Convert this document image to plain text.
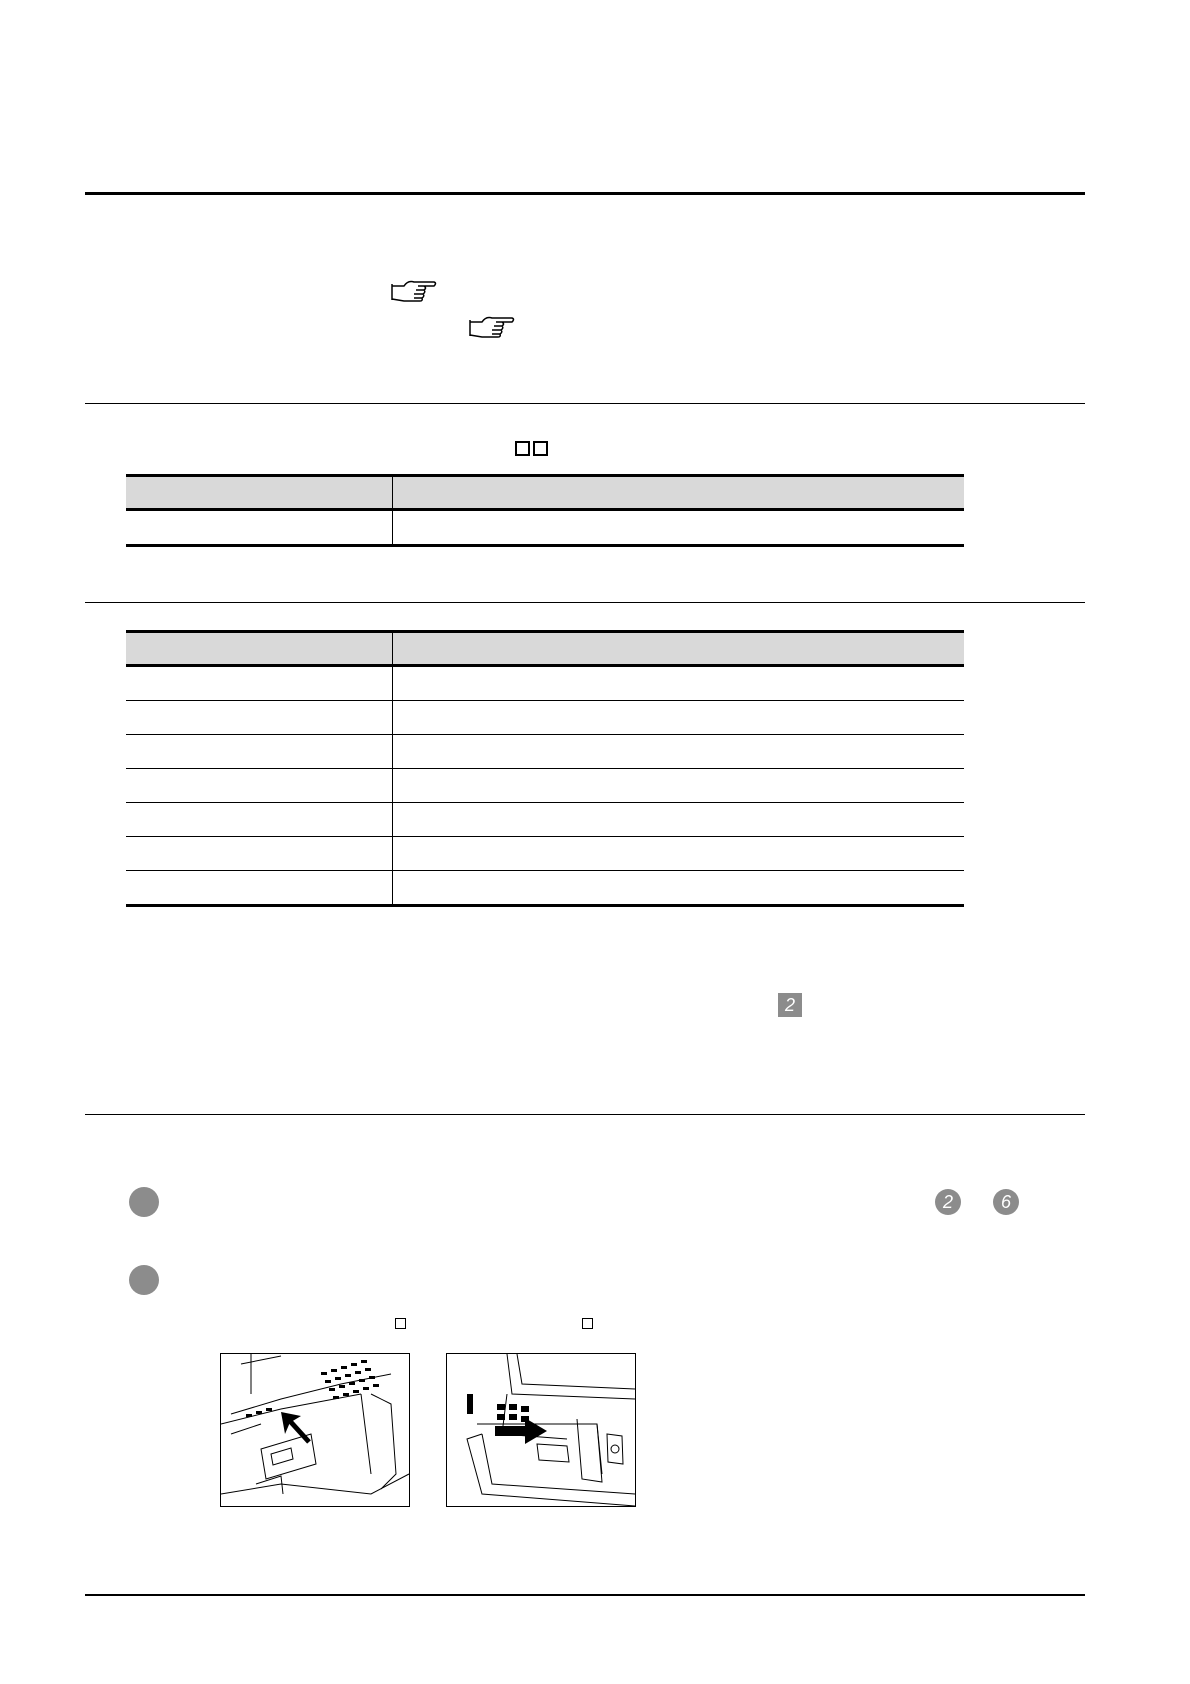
2
2	6
